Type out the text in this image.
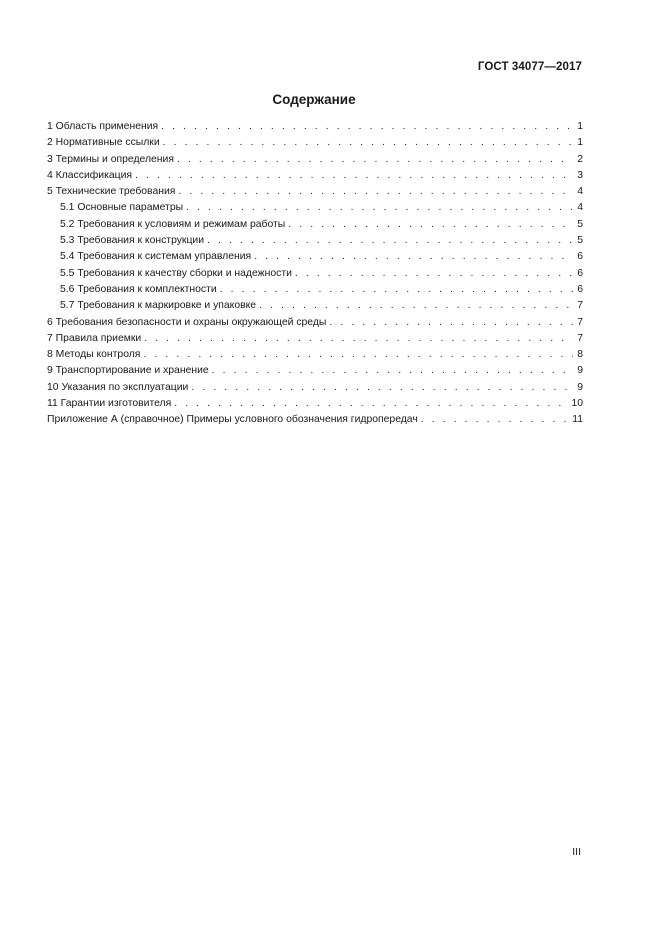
ГОСТ 34077—2017
Содержание
1 Область применения . . .	1
2 Нормативные ссылки . . .	1
3 Термины и определения . . .	2
4 Классификация . . .	3
5 Технические требования . . .	4
5.1 Основные параметры . . .	4
5.2 Требования к условиям и режимам работы . . .	5
5.3 Требования к конструкции . . .	5
5.4 Требования к системам управления . . .	6
5.5 Требования к качеству сборки и надежности . . .	6
5.6 Требования к комплектности . . .	6
5.7 Требования к маркировке и упаковке . . .	7
6 Требования безопасности и охраны окружающей среды . . .	7
7 Правила приемки . . .	7
8 Методы контроля . . .	8
9 Транспортирование и хранение . . .	9
10 Указания по эксплуатации . . .	9
11 Гарантии изготовителя . . .	10
Приложение А (справочное) Примеры условного обозначения гидропередач . . .	11
III
